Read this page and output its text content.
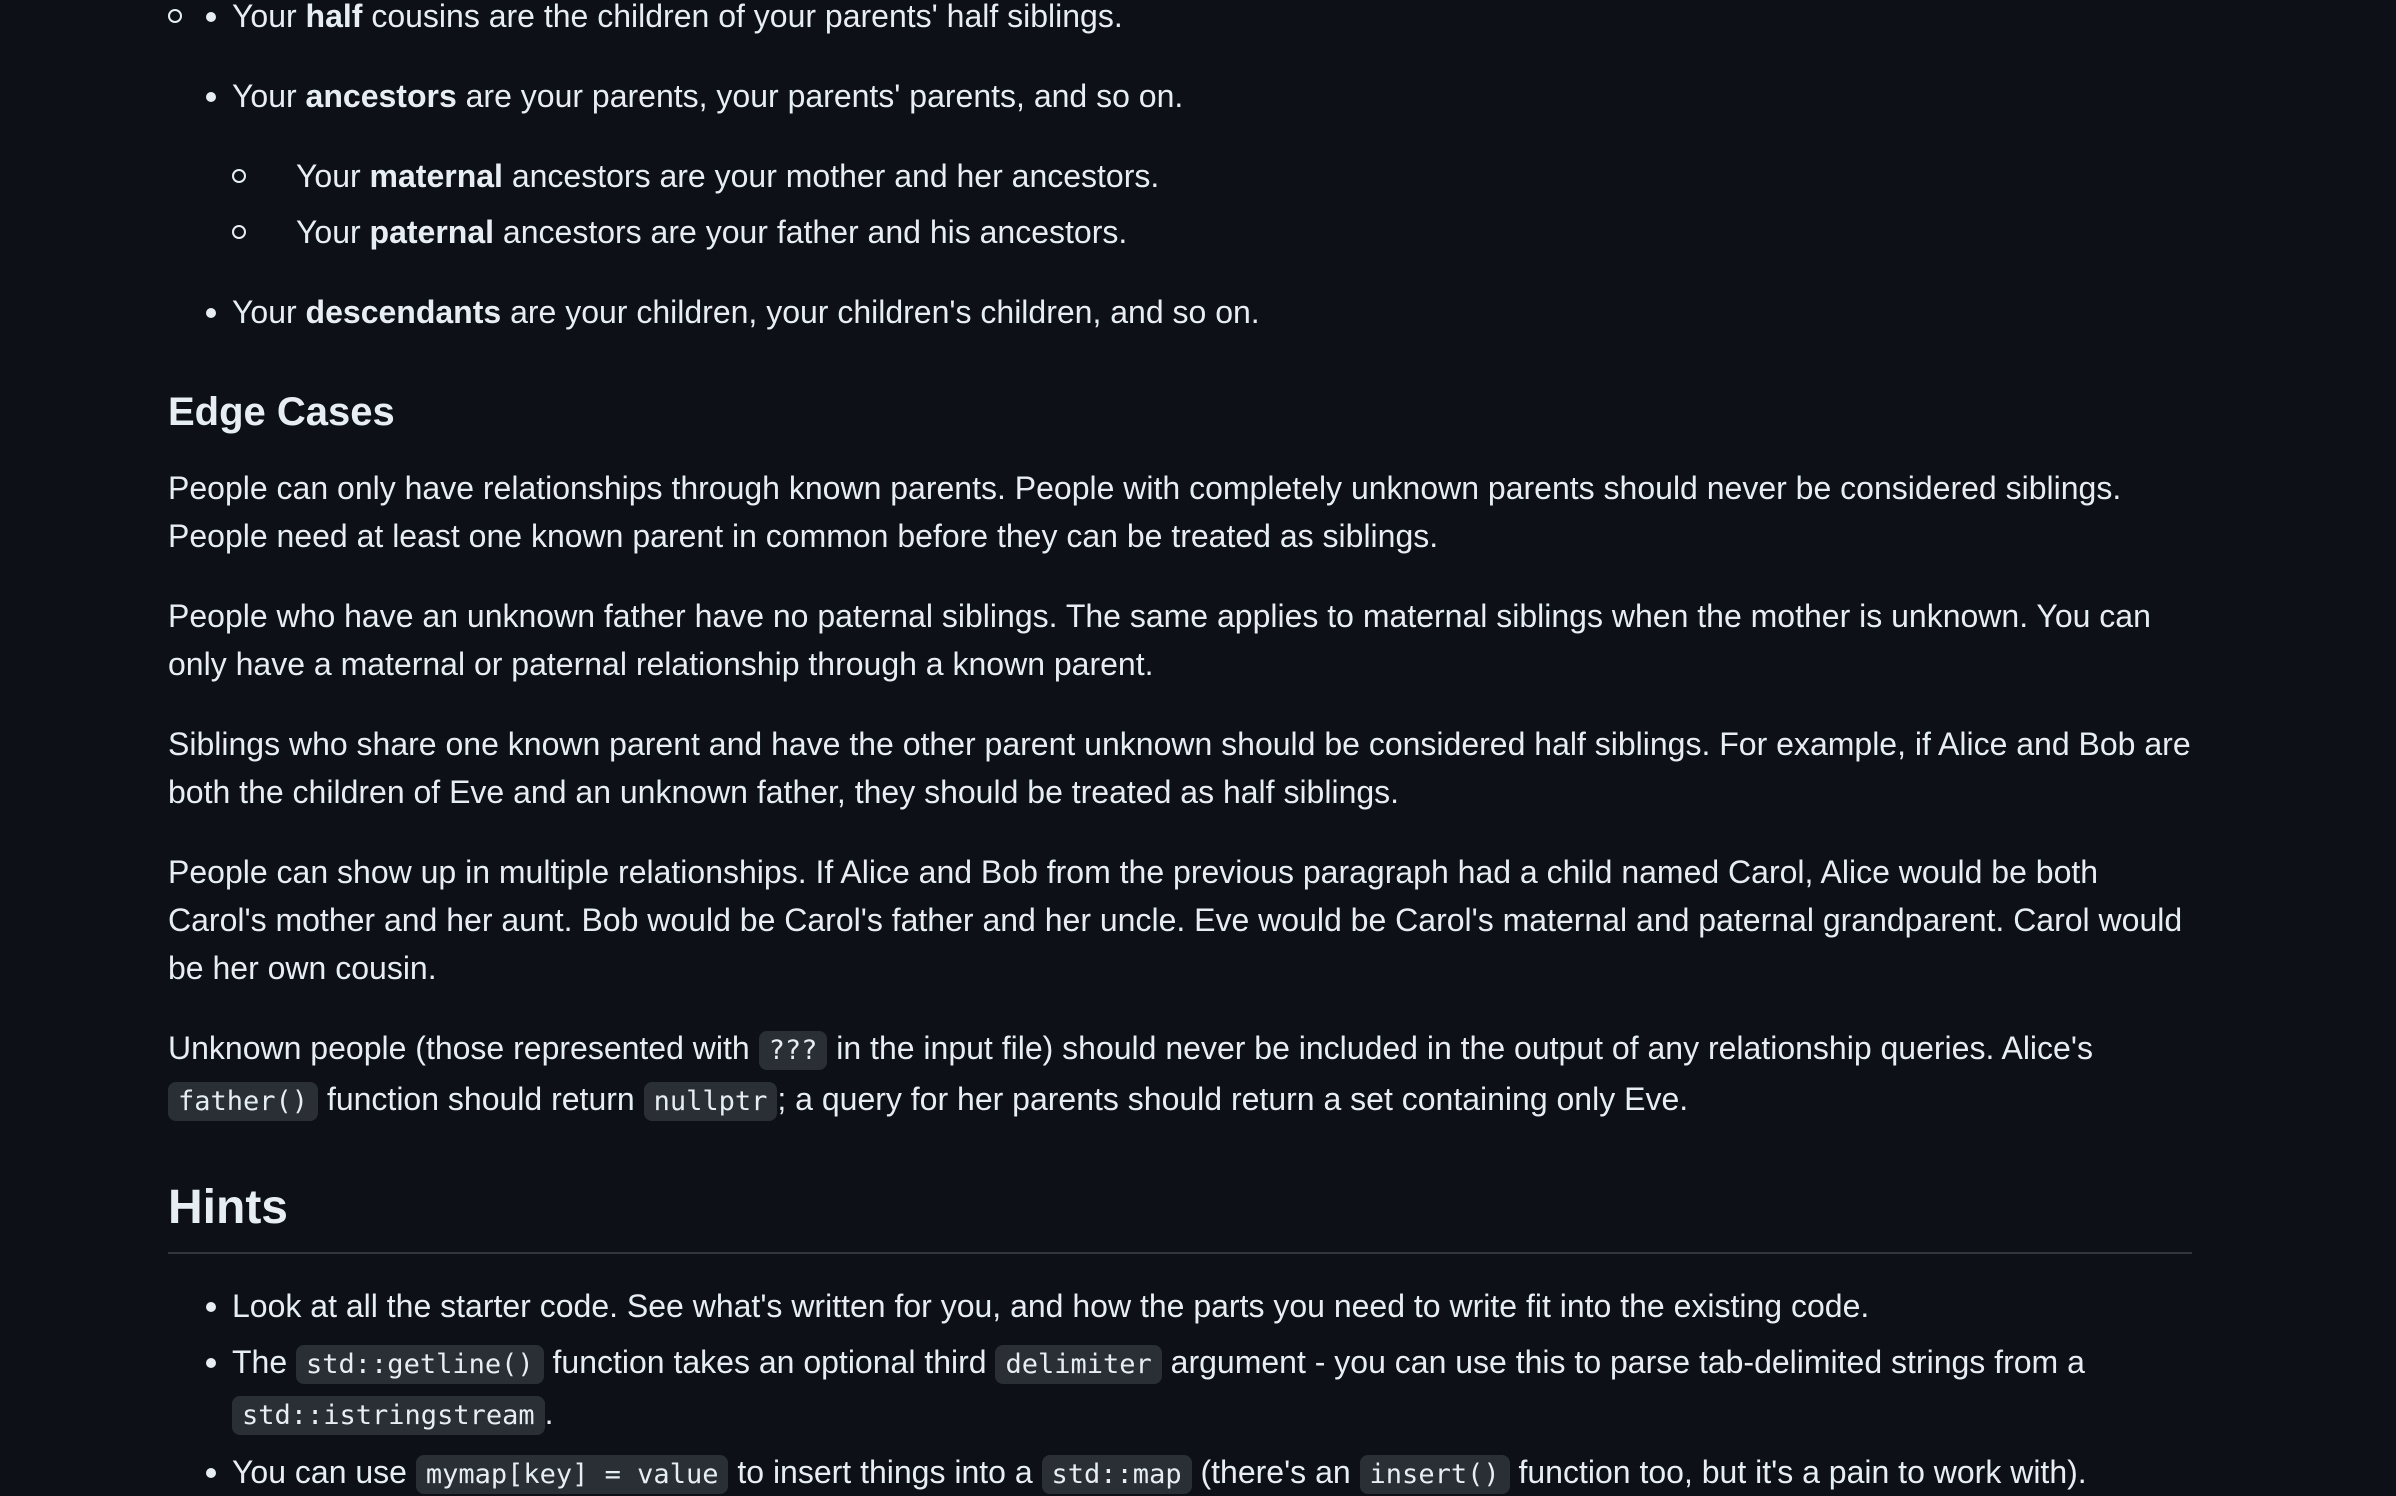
Your half cousins are the children of your parents' half siblings.
Your ancestors are your parents, your parents' parents, and so on.
Your maternal ancestors are your mother and her ancestors.
Your paternal ancestors are your father and his ancestors.
Your descendants are your children, your children's children, and so on.
Edge Cases

People can only have relationships through known parents. People with completely unknown parents should never be considered siblings. People need at least one known parent in common before they can be treated as siblings.

People who have an unknown father have no paternal siblings. The same applies to maternal siblings when the mother is unknown. You can only have a maternal or paternal relationship through a known parent.

Siblings who share one known parent and have the other parent unknown should be considered half siblings. For example, if Alice and Bob are both the children of Eve and an unknown father, they should be treated as half siblings.

People can show up in multiple relationships. If Alice and Bob from the previous paragraph had a child named Carol, Alice would be both Carol's mother and her aunt. Bob would be Carol's father and her uncle. Eve would be Carol's maternal and paternal grandparent. Carol would be her own cousin.

Unknown people (those represented with ??? in the input file) should never be included in the output of any relationship queries. Alice's father() function should return nullptr ; a query for her parents should return a set containing only Eve.

Hints
Look at all the starter code. See what's written for you, and how the parts you need to write fit into the existing code.
The std::getline() function takes an optional third delimiter argument - you can use this to parse tab-delimited strings from a std::istringstream .
You can use mymap[key] = value to insert things into a std::map (there's an insert() function too, but it's a pain to work with).
